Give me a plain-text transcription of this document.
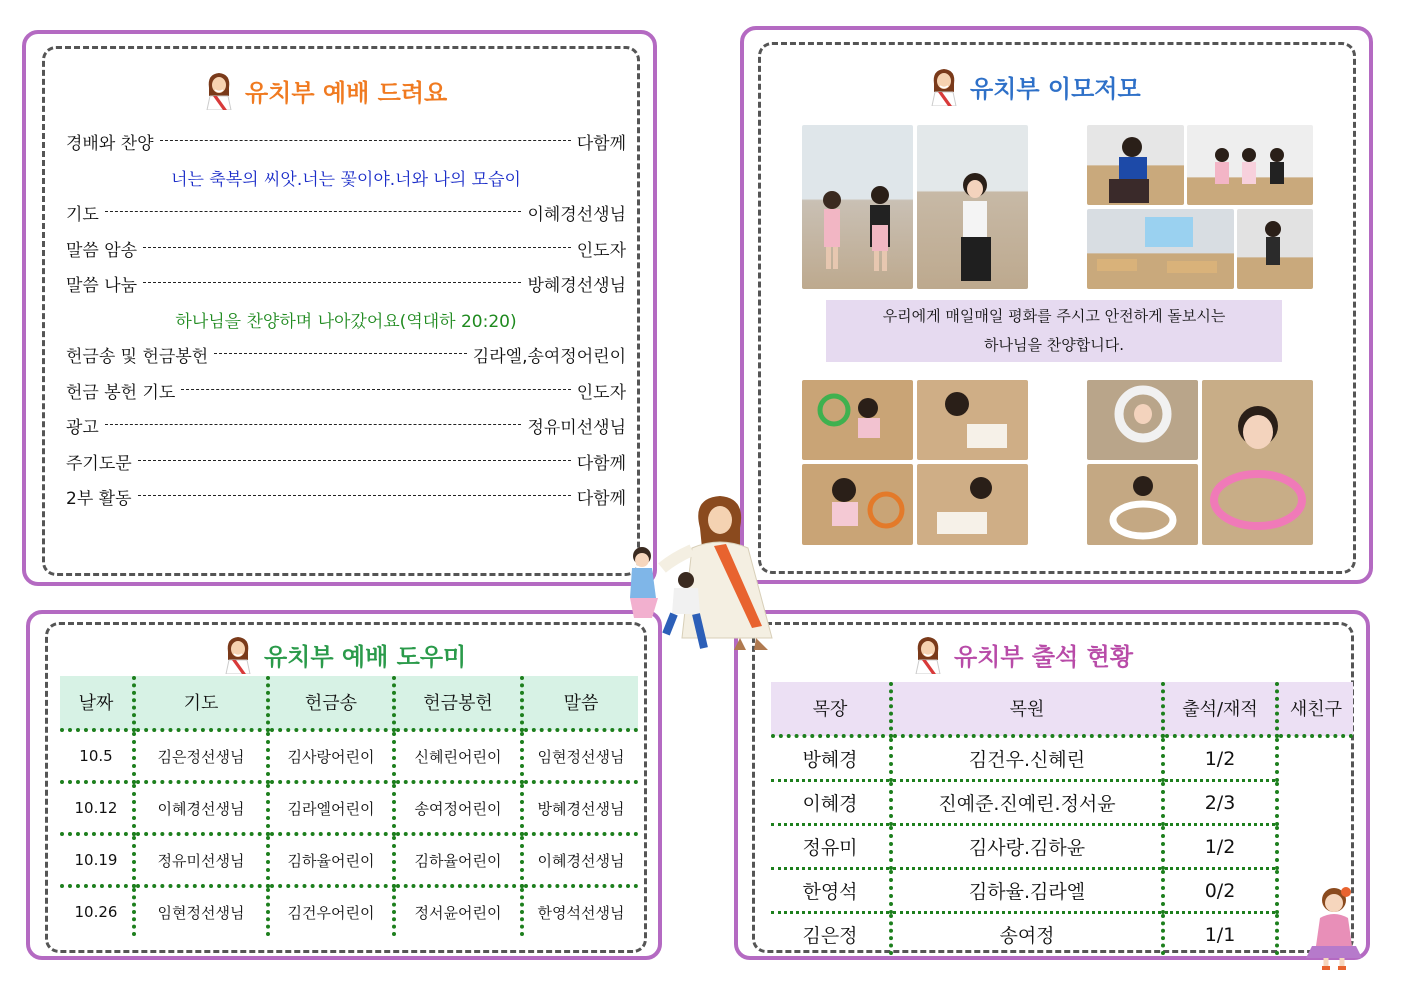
유치부 예배 드려요
경배와 찬양	다함께
너는 축복의 씨앗.너는 꽃이야.너와 나의 모습이
기도	이혜경선생님
말씀 암송	인도자
말씀 나눔	방혜경선생님
하나님을 찬양하며 나아갔어요(역대하 20:20)
헌금송 및 헌금봉헌	김라엘,송여정어린이
헌금 봉헌 기도	인도자
광고	정유미선생님
주기도문	다함께
2부 활동	다함께
유치부 이모저모
우리에게 매일매일 평화를 주시고 안전하게 돌보시는
하나님을 찬양합니다.
유치부 예배 도우미
날짜	기도	헌금송	헌금봉헌	말씀
10.5	김은정선생님	김사랑어린이	신혜린어린이	임현정선생님
10.12	이혜경선생님	김라엘어린이	송여정어린이	방혜경선생님
10.19	정유미선생님	김하율어린이	김하율어린이	이혜경선생님
10.26	임현정선생님	김건우어린이	정서윤어린이	한영석선생님
유치부 출석 현황
목장	목원	출석/재적	새친구
방혜경	김건우.신혜린	1/2	
이혜경	진예준.진예린.정서윤	2/3	
정유미	김사랑.김하윤	1/2	
한영석	김하율.김라엘	0/2	
김은정	송여정	1/1	
